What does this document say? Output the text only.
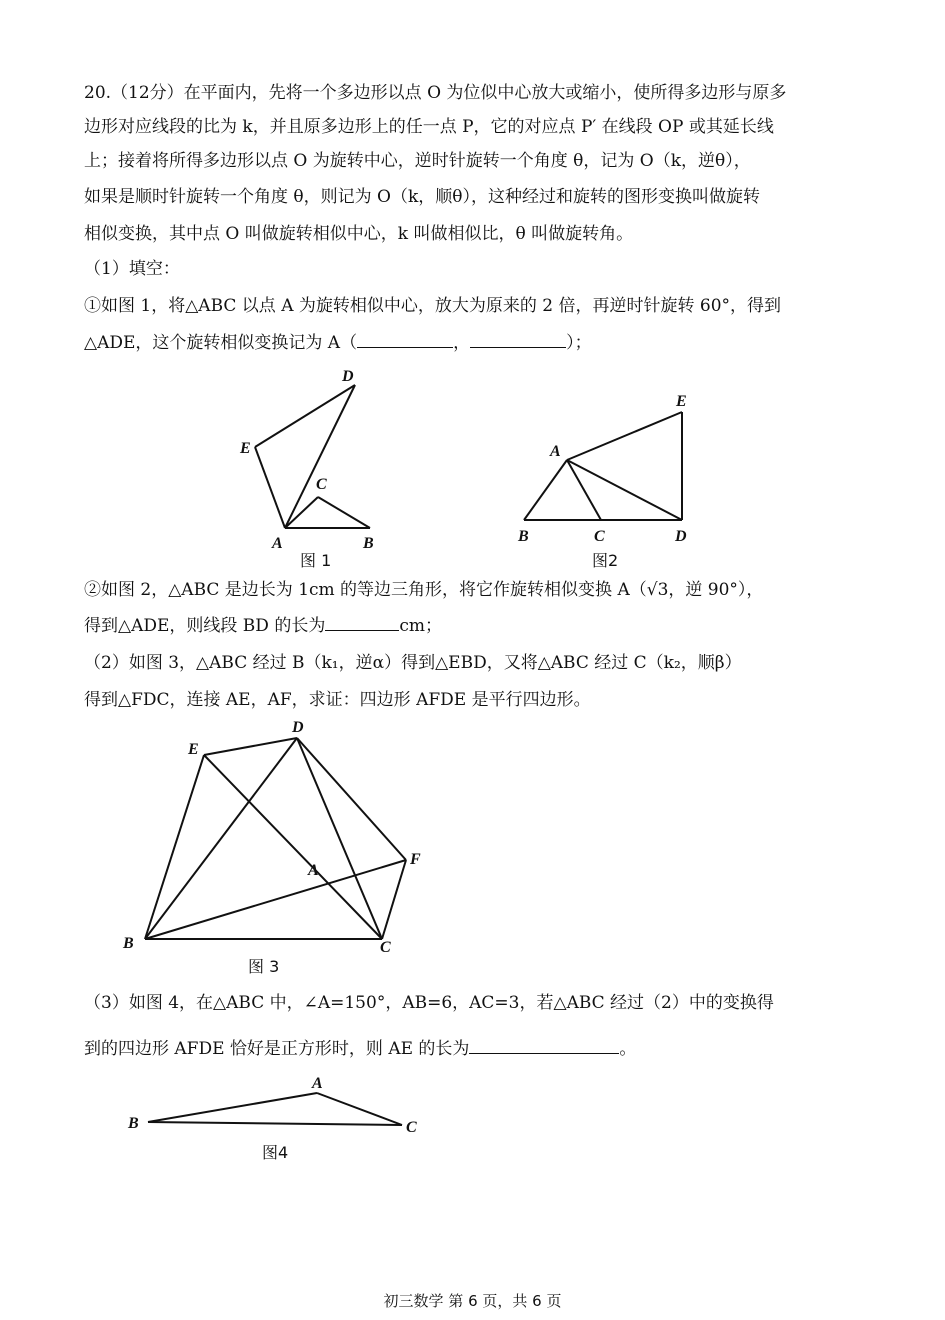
20.（12分）在平面内，先将一个多边形以点 O 为位似中心放大或缩小，使所得多边形与原多
边形对应线段的比为 k，并且原多边形上的任一点 P，它的对应点 P′ 在线段 OP 或其延长线
上；接着将所得多边形以点 O 为旋转中心，逆时针旋转一个角度 θ，记为 O（k，逆θ），
如果是顺时针旋转一个角度 θ，则记为 O（k，顺θ），这种经过和旋转的图形变换叫做旋转
相似变换，其中点 O 叫做旋转相似中心，k 叫做相似比，θ 叫做旋转角。
（1）填空：
①如图 1，将△ABC 以点 A 为旋转相似中心，放大为原来的 2 倍，再逆时针旋转 60°，得到
△ADE，这个旋转相似变换记为 A（	，	）；
D
E
C
A	B
图 1
E
A
B	C	D
图2
②如图 2，△ABC 是边长为 1cm 的等边三角形，将它作旋转相似变换 A（√3，逆 90°），
得到△ADE，则线段 BD 的长为	cm；
（2）如图 3，△ABC 经过 B（k₁，逆α）得到△EBD，又将△ABC 经过 C（k₂，顺β）
得到△FDC，连接 AE，AF，求证：四边形 AFDE 是平行四边形。
E
D
A
F
B	C
图 3
（3）如图 4，在△ABC 中，∠A=150°，AB=6，AC=3，若△ABC 经过（2）中的变换得
到的四边形 AFDE 恰好是正方形时，则 AE 的长为	。
A
B	C
图4
初三数学 第 6 页，共 6 页
